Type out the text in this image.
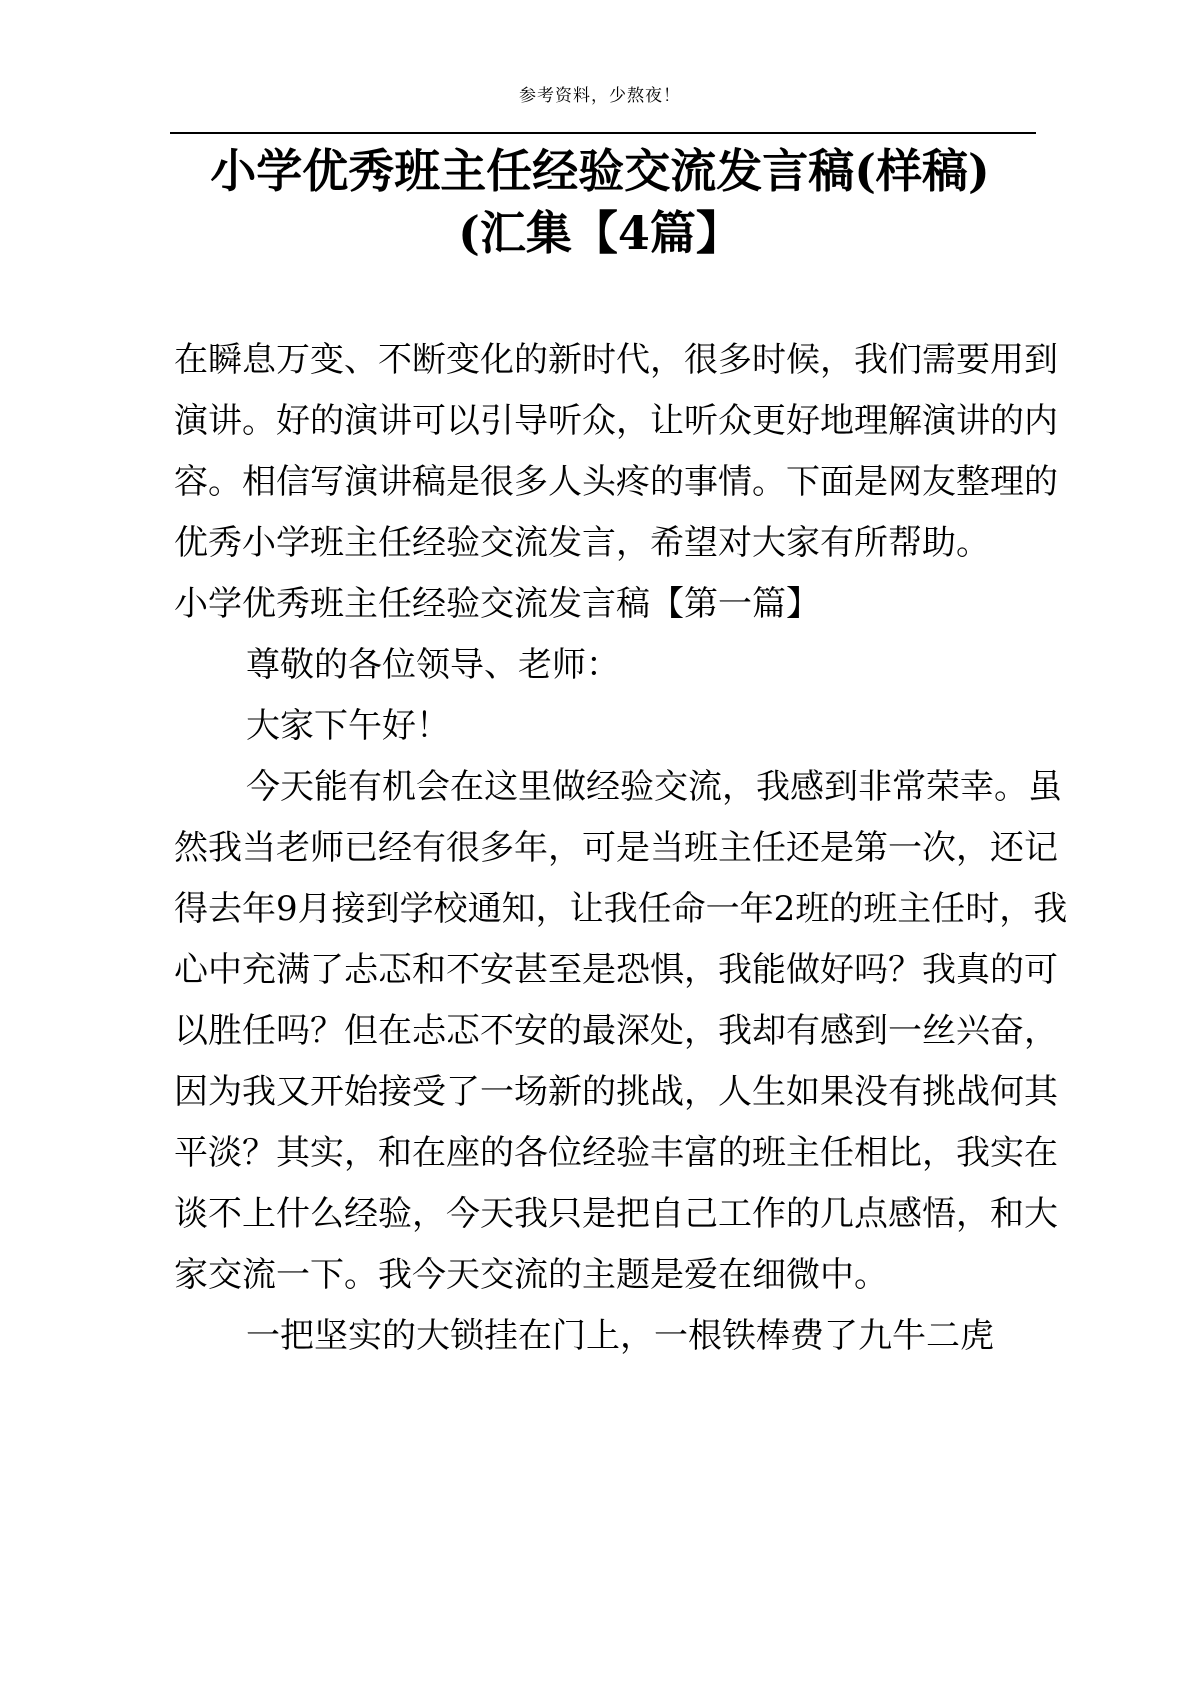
参考资料，少熬夜！
小学优秀班主任经验交流发言稿(样稿)(汇集【4篇】

在瞬息万变、不断变化的新时代，很多时候，我们需要用到演讲。好的演讲可以引导听众，让听众更好地理解演讲的内容。相信写演讲稿是很多人头疼的事情。下面是网友整理的优秀小学班主任经验交流发言，希望对大家有所帮助。

小学优秀班主任经验交流发言稿【第一篇】

尊敬的各位领导、老师：

大家下午好！

今天能有机会在这里做经验交流，我感到非常荣幸。虽然我当老师已经有很多年，可是当班主任还是第一次，还记得去年9月接到学校通知，让我任命一年2班的班主任时，我心中充满了忐忑和不安甚至是恐惧，我能做好吗？我真的可以胜任吗？但在忐忑不安的最深处，我却有感到一丝兴奋，因为我又开始接受了一场新的挑战，人生如果没有挑战何其平淡？其实，和在座的各位经验丰富的班主任相比，我实在谈不上什么经验，今天我只是把自己工作的几点感悟，和大家交流一下。我今天交流的主题是爱在细微中。

一把坚实的大锁挂在门上，一根铁棒费了九牛二虎
